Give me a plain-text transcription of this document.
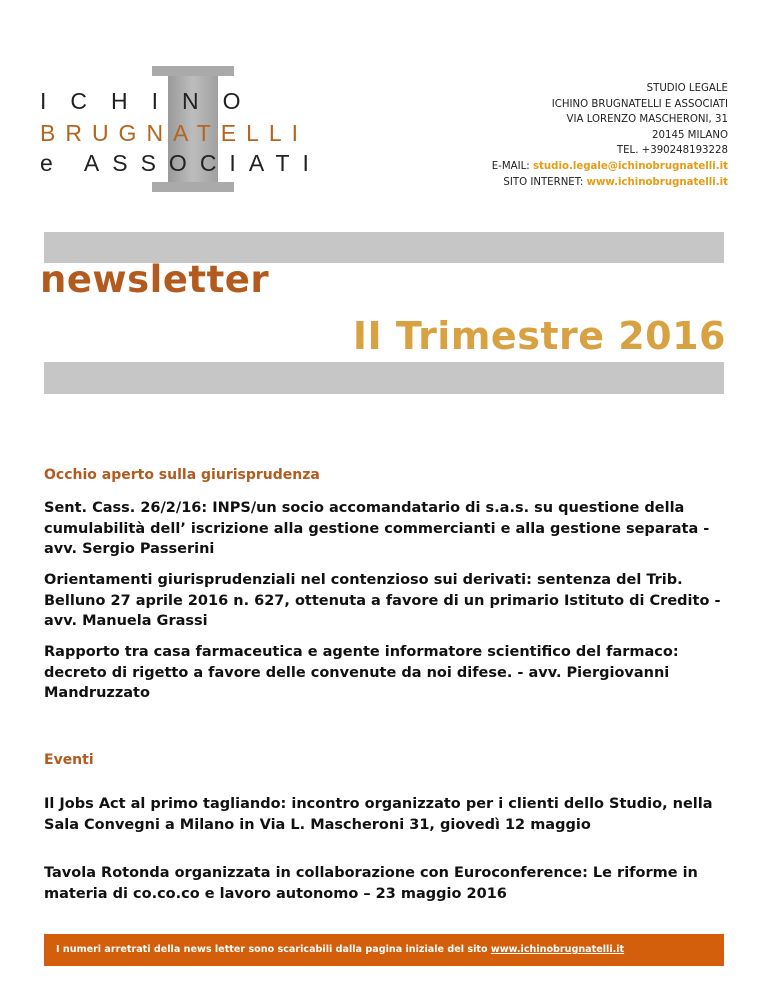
ICHINO
BRUGNATELLI
e ASSOCIATI
STUDIO LEGALE
ICHINO BRUGNATELLI E ASSOCIATI
VIA LORENZO MASCHERONI, 31
20145 MILANO
TEL. +390248193228
E-MAIL: studio.legale@ichinobrugnatelli.it
SITO INTERNET: www.ichinobrugnatelli.it
newsletter
II Trimestre 2016
Occhio aperto sulla giurisprudenza
Sent. Cass. 26/2/16: INPS/un socio accomandatario di s.a.s. su questione della cumulabilità dell’ iscrizione alla gestione commercianti e alla gestione separata - avv. Sergio Passerini
Orientamenti giurisprudenziali nel contenzioso sui derivati: sentenza del Trib. Belluno 27 aprile 2016 n. 627, ottenuta a favore di un primario Istituto di Credito - avv. Manuela Grassi
Rapporto tra casa farmaceutica e agente informatore scientifico del farmaco: decreto di rigetto a favore delle convenute da noi difese. - avv. Piergiovanni Mandruzzato
Eventi
Il Jobs Act al primo tagliando: incontro organizzato per i clienti dello Studio, nella Sala Convegni a Milano in Via L. Mascheroni 31, giovedì 12 maggio
Tavola Rotonda organizzata in collaborazione con Euroconference: Le riforme in materia di co.co.co e lavoro autonomo – 23 maggio 2016
I numeri arretrati della news letter sono scaricabili dalla pagina iniziale del sito www.ichinobrugnatelli.it
